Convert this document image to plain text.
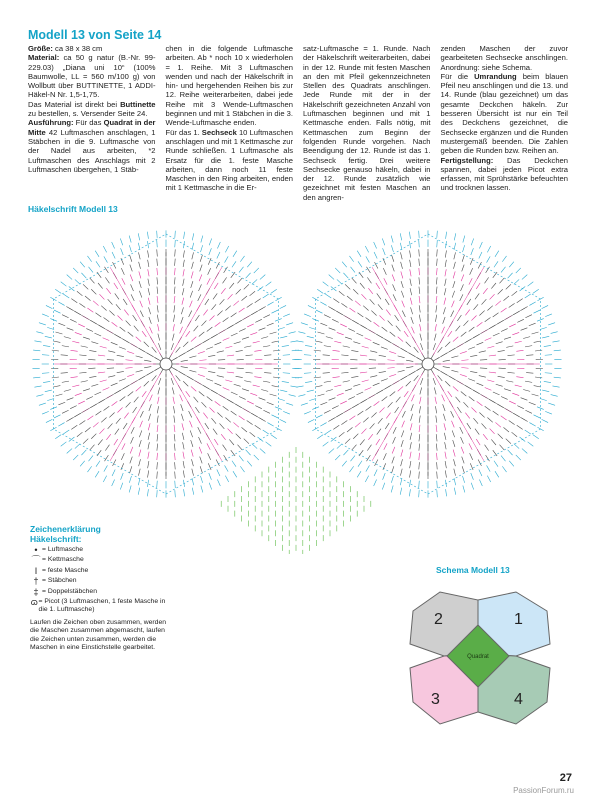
Modell 13 von Seite 14

Größe: ca 38 x 38 cm

Material: ca 50 g natur (B.-Nr. 99-229.03) „Diana uni 10“ (100% Baumwolle, LL = 560 m/100 g) von Wollbutt über BUTTINETTE, 1 ADDI-Häkel-N Nr. 1,5-1,75.

Das Material ist direkt bei Buttinette zu bestellen, s. Versender Seite 24.

Ausführung: Für das Quadrat in der Mitte 42 Luftmaschen anschlagen, 1 Stäbchen in die 9. Luftmasche von der Nadel aus arbeiten, *2 Luftmaschen des Anschlags mit 2 Luftmaschen übergehen, 1 Stäb-

chen in die folgende Luftmasche arbeiten. Ab * noch 10 x wiederholen = 1. Reihe. Mit 3 Luftmaschen wenden und nach der Häkelschrift in hin- und hergehenden Reihen bis zur 12. Reihe weiterarbeiten, dabei jede Reihe mit 3 Wende-Luftmaschen beginnen und mit 1 Stäbchen in die 3. Wende-Luftmasche enden.

Für das 1. Sechseck 10 Luftmaschen anschlagen und mit 1 Kettmasche zur Runde schließen. 1 Luftmasche als Ersatz für die 1. feste Masche arbeiten, dann noch 11 feste Maschen in den Ring arbeiten, enden mit 1 Kettmasche in die Er-

satz-Luftmasche = 1. Runde. Nach der Häkelschrift weiterarbeiten, dabei in der 12. Runde mit festen Maschen an den mit Pfeil gekennzeichneten Stellen des Quadrats anschlingen. Jede Runde mit der in der Häkelschrift gezeichneten Anzahl von Luftmaschen beginnen und mit 1 Kettmasche enden. Falls nötig, mit Kettmaschen zum Beginn der folgenden Runde vorgehen. Nach Beendigung der 12. Runde ist das 1. Sechseck fertig. Drei weitere Sechsecke genauso häkeln, dabei in der 12. Runde zusätzlich wie gezeichnet mit festen Maschen an den angren-

zenden Maschen der zuvor gearbeiteten Sechsecke anschlingen. Anordnung: siehe Schema.

Für die Umrandung beim blauen Pfeil neu anschlingen und die 13. und 14. Runde (blau gezeichnet) um das gesamte Deckchen häkeln. Zur besseren Übersicht ist nur ein Teil des Deckchens gezeichnet, die Sechsecke ergänzen und die Runden mustergemäß beenden. Die Zahlen geben die Runden bzw. Reihen an.

Fertigstellung: Das Deckchen spannen, dabei jeden Picot extra erfassen, mit Sprühstärke befeuchten und trocknen lassen.

Häkelschrift Modell 13
Zeichenerklärung
Häkelschrift:
• = Luftmasche
⌒ = Kettmasche
I = feste Masche
† = Stäbchen
‡ = Doppelstäbchen
ɷ = Picot (3 Luftmaschen, 1 feste Masche in die 1. Luftmasche)
Laufen die Zeichen oben zusammen, werden die Maschen zusammen abgemascht, laufen die Zeichen unten zusammen, werden die Maschen in eine Einstichstelle gearbeitet.
Schema Modell 13
2	1
3	4
Quadrat
27
PassionForum.ru
